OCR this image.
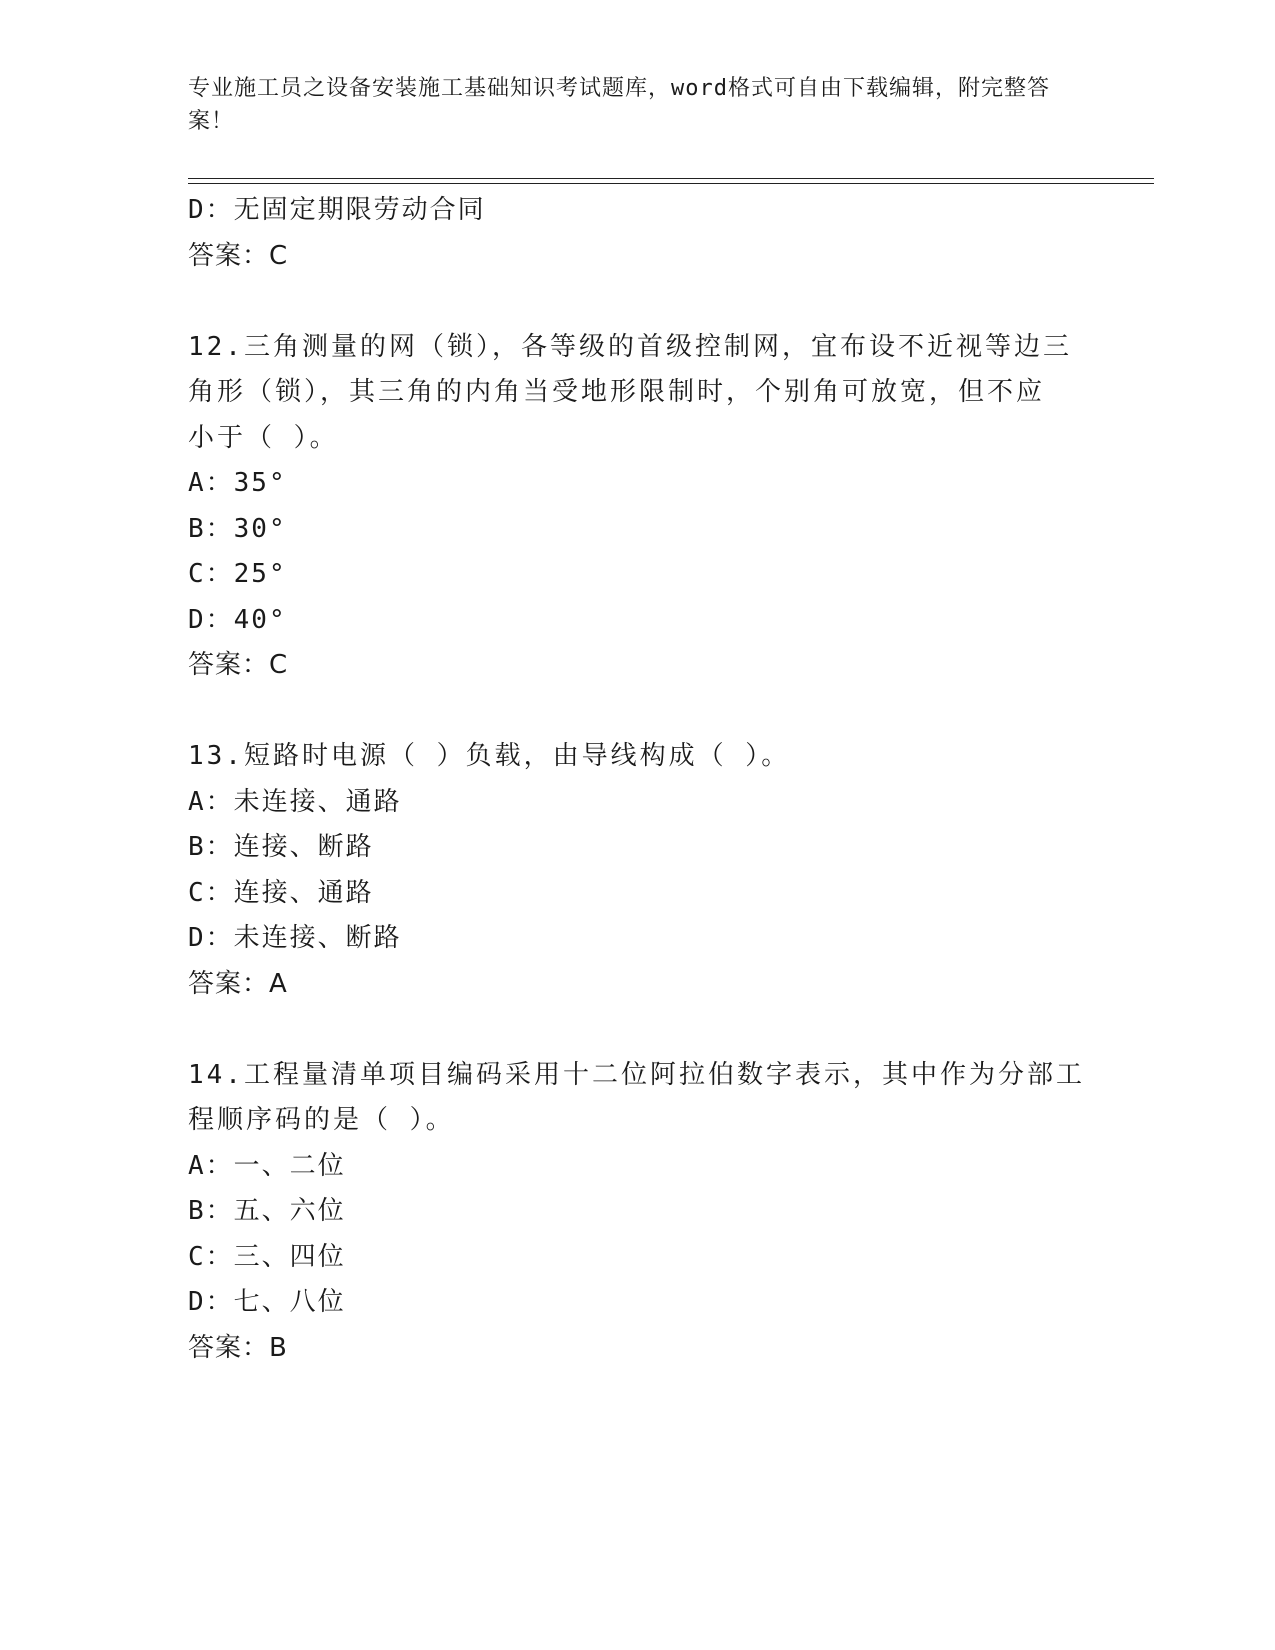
专业施工员之设备安装施工基础知识考试题库，word格式可自由下载编辑，附完整答案！
D：无固定期限劳动合同
答案：C
12.三角测量的网（锁），各等级的首级控制网，宜布设不近视等边三
角形（锁），其三角的内角当受地形限制时，个别角可放宽，但不应
小于（ ）。
A：35°
B：30°
C：25°
D：40°
答案：C
13.短路时电源（ ）负载，由导线构成（ ）。
A：未连接、通路
B：连接、断路
C：连接、通路
D：未连接、断路
答案：A
14.工程量清单项目编码采用十二位阿拉伯数字表示，其中作为分部工
程顺序码的是（ ）。
A：一、二位
B：五、六位
C：三、四位
D：七、八位
答案：B
